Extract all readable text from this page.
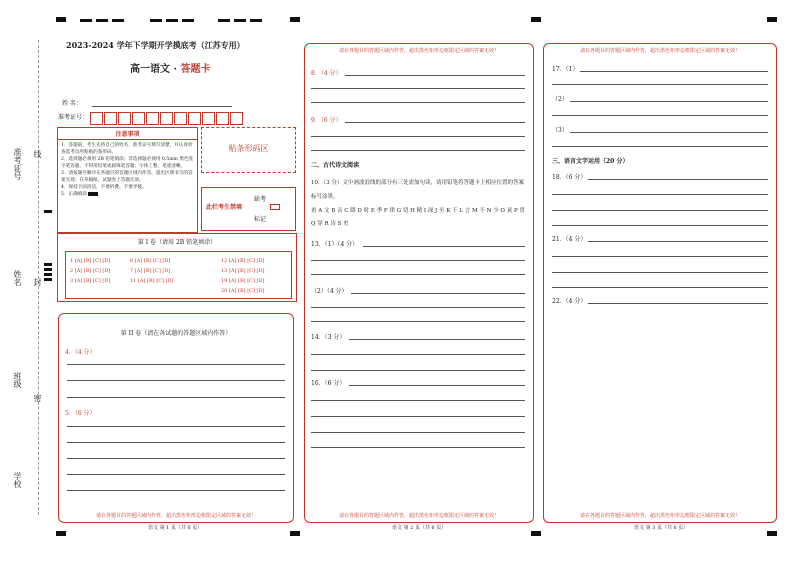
准考证号 线
姓名 封
班级
密
学校
2023-2024 学年下学期开学摸底考（江苏专用）
高一语文 · 答题卡
姓 名：
准考证号：
注意事项
1．答题前，考生先将自己的姓名，准考证号填写清楚，并认真检查监考员所粘贴的条形码。
2．选择题必须用 2B 铅笔填涂；非选择题必须用 0.5mm 黑色签字笔答题，不得用铅笔或圆珠笔答题；字体工整、笔迹清晰。
3．请按题号顺序在各题目的答题区域内作答，超出区域书写的答案无效；在草稿纸、试题卷上答题无效。
4．保持卡面清洁，不要折叠、不要弄破。
5．正确填涂
贴条形码区
此栏考生禁填
缺考
标记
第 I 卷（请用 2B 铅笔填涂）
1 [A] [B] [C] [D]
2 [A] [B] [C] [D]
3 [A] [B] [C] [D]
6 [A] [B] [C] [D]
7 [A] [B] [C] [D]
11 [A] [B] [C] [D]
12 [A] [B] [C] [D]
13 [A] [B] [C] [D]
19 [A] [B] [C] [D]
20 [A] [B] [C] [D]
第 II 卷（请在各试题的答题区域内作答）
4．（4 分）
5．（6 分）
请在各题目的答题区域内作答，超出黑色矩形边框限定区域的答案无效！
语文 第 1 页（共 6 页）
请在各题目的答题区域内作答，超出黑色矩形边框限定区域的答案无效！
8．（4 分）
9．（6 分）
二、古代诗文阅读
10．（3 分）文中画波浪线的部分有三处需加句读，请用铅笔将答题卡上相应位置的答案标号涂黑。
甫 A 文 B 音 C 降 D 时 E 季 F 律 G 切 H 精 I 深 J 至 K 千 L 言 M 不 N 少 O 衰 P 贯 Q 穿 R 诗 S 史
13．（1）（4 分）
（2）（4 分）
14．（3 分）
16．（6 分）
请在各题目的答题区域内作答，超出黑色矩形边框限定区域的答案无效！
语文 第 2 页（共 6 页）
请在各题目的答题区域内作答，超出黑色矩形边框限定区域的答案无效！
17．（1）
（2）
（3）
三、语言文字运用（20 分）
18．（6 分）
21．（4 分）
22．（4 分）
请在各题目的答题区域内作答，超出黑色矩形边框限定区域的答案无效！
语文 第 3 页（共 6 页）
